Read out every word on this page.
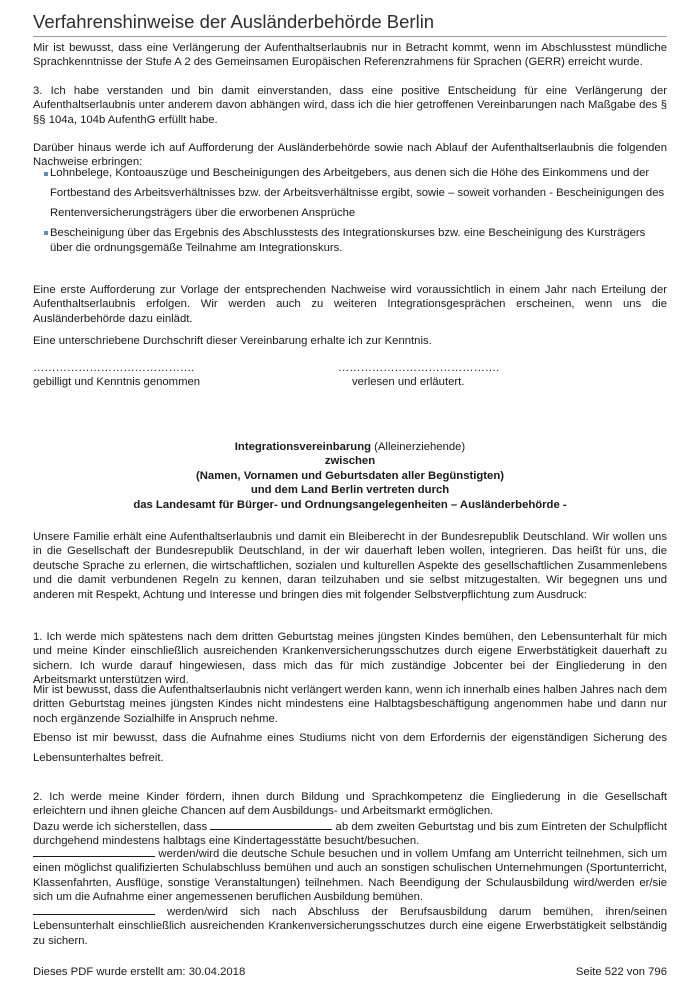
Verfahrenshinweise der Ausländerbehörde Berlin

Mir ist bewusst, dass eine Verlängerung der Aufenthaltserlaubnis nur in Betracht kommt, wenn im Abschlusstest mündliche Sprachkenntnisse der Stufe A 2 des Gemeinsamen Europäischen Referenzrahmens für Sprachen (GERR) erreicht wurde.

3. Ich habe verstanden und bin damit einverstanden, dass eine positive Entscheidung für eine Verlängerung der Aufenthaltserlaubnis unter anderem davon abhängen wird, dass ich die hier getroffenen Vereinbarungen nach Maßgabe des § §§ 104a, 104b AufenthG erfüllt habe.

Darüber hinaus werde ich auf Aufforderung der Ausländerbehörde sowie nach Ablauf der Aufenthaltserlaubnis die folgenden Nachweise erbringen:

Lohnbelege, Kontoauszüge und Bescheinigungen des Arbeitgebers, aus denen sich die Höhe des Einkommens und der Fortbestand des Arbeitsverhältnisses bzw. der Arbeitsverhältnisse ergibt, sowie – soweit vorhanden - Bescheinigungen des Rentenversicherungsträgers über die erworbenen Ansprüche
Bescheinigung über das Ergebnis des Abschlusstests des Integrationskurses bzw. eine Bescheinigung des Kursträgers über die ordnungsgemäße Teilnahme am Integrationskurs.

Eine erste Aufforderung zur Vorlage der entsprechenden Nachweise wird voraussichtlich in einem Jahr nach Erteilung der Aufenthaltserlaubnis erfolgen. Wir werden auch zu weiteren Integrationsgesprächen erscheinen, wenn uns die Ausländerbehörde dazu einlädt.

Eine unterschriebene Durchschrift dieser Vereinbarung erhalte ich zur Kenntnis.

…………………………………….
gebilligt und Kenntnis genommen
…………………………………….
verlesen und erläutert.
Integrationsvereinbarung (Alleinerziehende)
zwischen
(Namen, Vornamen und Geburtsdaten aller Begünstigten)
und dem Land Berlin vertreten durch
das Landesamt für Bürger- und Ordnungsangelegenheiten – Ausländerbehörde -

Unsere Familie erhält eine Aufenthaltserlaubnis und damit ein Bleiberecht in der Bundesrepublik Deutschland. Wir wollen uns in die Gesellschaft der Bundesrepublik Deutschland, in der wir dauerhaft leben wollen, integrieren. Das heißt für uns, die deutsche Sprache zu erlernen, die wirtschaftlichen, sozialen und kulturellen Aspekte des gesellschaftlichen Zusammenlebens und die damit verbundenen Regeln zu kennen, daran teilzuhaben und sie selbst mitzugestalten. Wir begegnen uns und anderen mit Respekt, Achtung und Interesse und bringen dies mit folgender Selbstverpflichtung zum Ausdruck:

1. Ich werde mich spätestens nach dem dritten Geburtstag meines jüngsten Kindes bemühen, den Lebensunterhalt für mich und meine Kinder einschließlich ausreichenden Krankenversicherungsschutzes durch eigene Erwerbstätigkeit dauerhaft zu sichern. Ich wurde darauf hingewiesen, dass mich das für mich zuständige Jobcenter bei der Eingliederung in den Arbeitsmarkt unterstützen wird.

Mir ist bewusst, dass die Aufenthaltserlaubnis nicht verlängert werden kann, wenn ich innerhalb eines halben Jahres nach dem dritten Geburtstag meines jüngsten Kindes nicht mindestens eine Halbtagsbeschäftigung angenommen habe und dann nur noch ergänzende Sozialhilfe in Anspruch nehme.

Ebenso ist mir bewusst, dass die Aufnahme eines Studiums nicht von dem Erfordernis der eigenständigen Sicherung des Lebensunterhaltes befreit.

2. Ich werde meine Kinder fördern, ihnen durch Bildung und Sprachkompetenz die Eingliederung in die Gesellschaft erleichtern und ihnen gleiche Chancen auf dem Ausbildungs- und Arbeitsmarkt ermöglichen.

Dazu werde ich sicherstellen, dass	ab dem zweiten Geburtstag und bis zum Eintreten der Schulpflicht durchgehend mindestens halbtags eine Kindertagesstätte besucht/besuchen.

werden/wird die deutsche Schule besuchen und in vollem Umfang am Unterricht teilnehmen, sich um einen möglichst qualifizierten Schulabschluss bemühen und auch an sonstigen schulischen Unternehmungen (Sportunterricht, Klassenfahrten, Ausflüge, sonstige Veranstaltungen) teilnehmen. Nach Beendigung der Schulausbildung wird/werden er/sie sich um die Aufnahme einer angemessenen beruflichen Ausbildung bemühen.

werden/wird sich nach Abschluss der Berufsausbildung darum bemühen, ihren/seinen Lebensunterhalt einschließlich ausreichenden Krankenversicherungsschutzes durch eine eigene Erwerbstätigkeit selbständig zu sichern.

Dieses PDF wurde erstellt am: 30.04.2018	Seite 522 von 796
